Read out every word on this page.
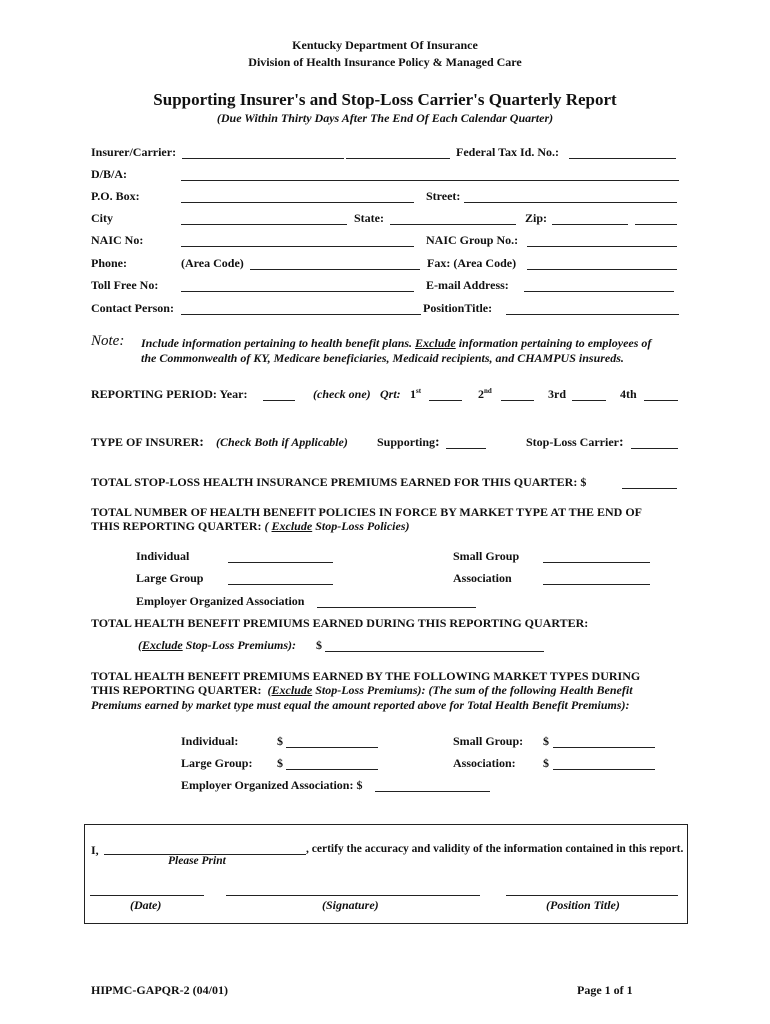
Kentucky Department Of Insurance
Division of Health Insurance Policy & Managed Care
Supporting Insurer's and Stop-Loss Carrier's Quarterly Report
(Due Within Thirty Days After The End Of Each Calendar Quarter)
Insurer/Carrier:	Federal Tax Id. No.:
D/B/A:
P.O. Box:	Street:
City	State:	Zip:
NAIC No:	NAIC Group No.:
Phone:	(Area Code)	Fax: (Area Code)
Toll Free No:	E-mail Address:
Contact Person:	PositionTitle:
Note: Include information pertaining to health benefit plans. Exclude information pertaining to employees of
the Commonwealth of KY, Medicare beneficiaries, Medicaid recipients, and CHAMPUS insureds.
REPORTING PERIOD: Year:	(check one) Qrt: 1st	2nd	3rd	4th
TYPE OF INSURER: (Check Both if Applicable) Supporting:	Stop-Loss Carrier:
TOTAL STOP-LOSS HEALTH INSURANCE PREMIUMS EARNED FOR THIS QUARTER: $
TOTAL NUMBER OF HEALTH BENEFIT POLICIES IN FORCE BY MARKET TYPE AT THE END OF
THIS REPORTING QUARTER: ( Exclude Stop-Loss Policies)
Individual	Small Group
Large Group	Association
Employer Organized Association
TOTAL HEALTH BENEFIT PREMIUMS EARNED DURING THIS REPORTING QUARTER:
(Exclude Stop-Loss Premiums): $
TOTAL HEALTH BENEFIT PREMIUMS EARNED BY THE FOLLOWING MARKET TYPES DURING
THIS REPORTING QUARTER: (Exclude Stop-Loss Premiums): (The sum of the following Health Benefit
Premiums earned by market type must equal the amount reported above for Total Health Benefit Premiums):
Individual:	$	Small Group: $
Large Group: $	Association: $
Employer Organized Association: $
I,	, certify the accuracy and validity of the information contained in this report.
Please Print
(Date)	(Signature)	(Position Title)
HIPMC-GAPQR-2 (04/01)	Page 1 of 1
